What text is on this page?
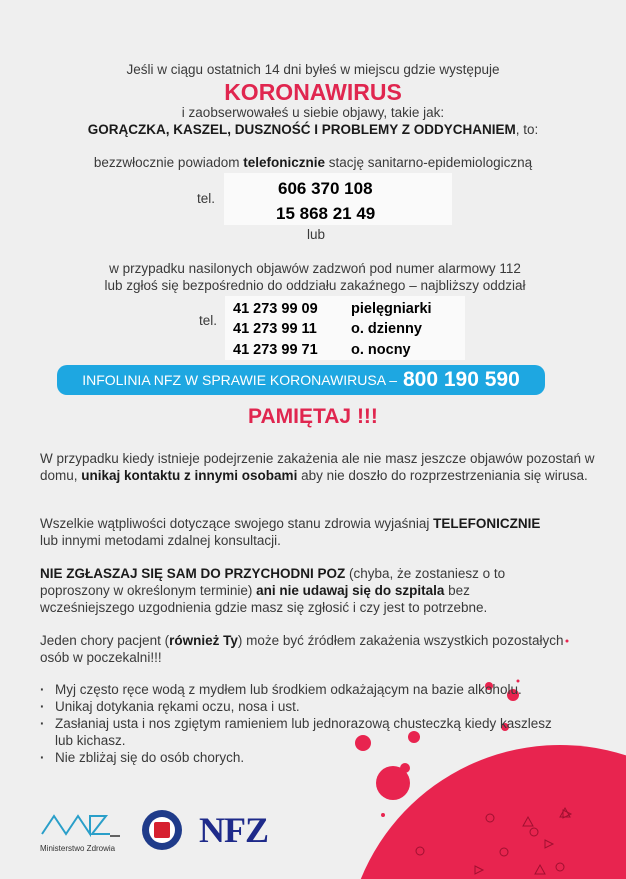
Jeśli w ciągu ostatnich 14 dni byłeś w miejscu gdzie występuje
KORONAWIRUS
i zaobserwowałeś u siebie objawy, takie jak:
GORĄCZKA, KASZEL, DUSZNOŚĆ I PROBLEMY Z ODDYCHANIEM, to:
bezzwłocznie powiadom telefonicznie stację sanitarno-epidemiologiczną
tel.
606 370 108
15 868 21 49
lub
w przypadku nasilonych objawów zadzwoń pod numer alarmowy 112
lub zgłoś się bezpośrednio do oddziału zakaźnego – najbliższy oddział
tel.
41 273 99 09 pielęgniarki
41 273 99 11 o. dzienny
41 273 99 71 o. nocny
INFOLINIA NFZ W SPRAWIE KORONAWIRUSA – 800 190 590
PAMIĘTAJ !!!
W przypadku kiedy istnieje podejrzenie zakażenia ale nie masz jeszcze objawów pozostań w domu, unikaj kontaktu z innymi osobami aby nie doszło do rozprzestrzeniania się wirusa.
Wszelkie wątpliwości dotyczące swojego stanu zdrowia wyjaśniaj TELEFONICZNIE lub innymi metodami zdalnej konsultacji.
NIE ZGŁASZAJ SIĘ SAM DO PRZYCHODNI POZ (chyba, że zostaniesz o to poproszony w określonym terminie) ani nie udawaj się do szpitala bez wcześniejszego uzgodnienia gdzie masz się zgłosić i czy jest to potrzebne.
Jeden chory pacjent (również Ty) może być źródłem zakażenia wszystkich pozostałych osób w poczekalni!!!
· Myj często ręce wodą z mydłem lub środkiem odkażającym na bazie alkoholu.
· Unikaj dotykania rękami oczu, nosa i ust.
· Zasłaniaj usta i nos zgiętym ramieniem lub jednorazową chusteczką kiedy kaszlesz lub kichasz.
· Nie zbliżaj się do osób chorych.
Ministerstwo Zdrowia NFZ
